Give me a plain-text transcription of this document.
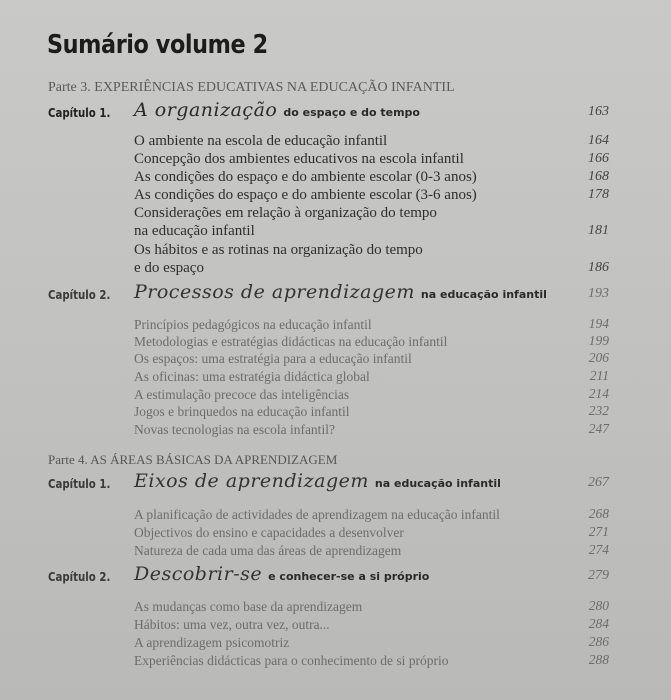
Sumário volume 2
Parte 3. EXPERIÊNCIAS EDUCATIVAS NA EDUCAÇÃO INFANTIL
Capítulo 1. A organização do espaço e do tempo	163
O ambiente na escola de educação infantil	164
Concepção dos ambientes educativos na escola infantil	166
As condições do espaço e do ambiente escolar (0-3 anos)	168
As condições do espaço e do ambiente escolar (3-6 anos)	178
Considerações em relação à organização do tempo
na educação infantil	181
Os hábitos e as rotinas na organização do tempo
e do espaço	186
Capítulo 2. Processos de aprendizagem na educação infantil	193
Princípios pedagógicos na educação infantil	194
Metodologias e estratégias didácticas na educação infantil	199
Os espaços: uma estratégia para a educação infantil	206
As oficinas: uma estratégia didáctica global	211
A estimulação precoce das inteligências	214
Jogos e brinquedos na educação infantil	232
Novas tecnologias na escola infantil?	247
Parte 4. AS ÁREAS BÁSICAS DA APRENDIZAGEM
Capítulo 1. Eixos de aprendizagem na educação infantil	267
A planificação de actividades de aprendizagem na educação infantil	268
Objectivos do ensino e capacidades a desenvolver	271
Natureza de cada uma das áreas de aprendizagem	274
Capítulo 2. Descobrir-se e conhecer-se a si próprio	279
As mudanças como base da aprendizagem	280
Hábitos: uma vez, outra vez, outra...	284
A aprendizagem psicomotriz	286
Experiências didácticas para o conhecimento de si próprio	288
